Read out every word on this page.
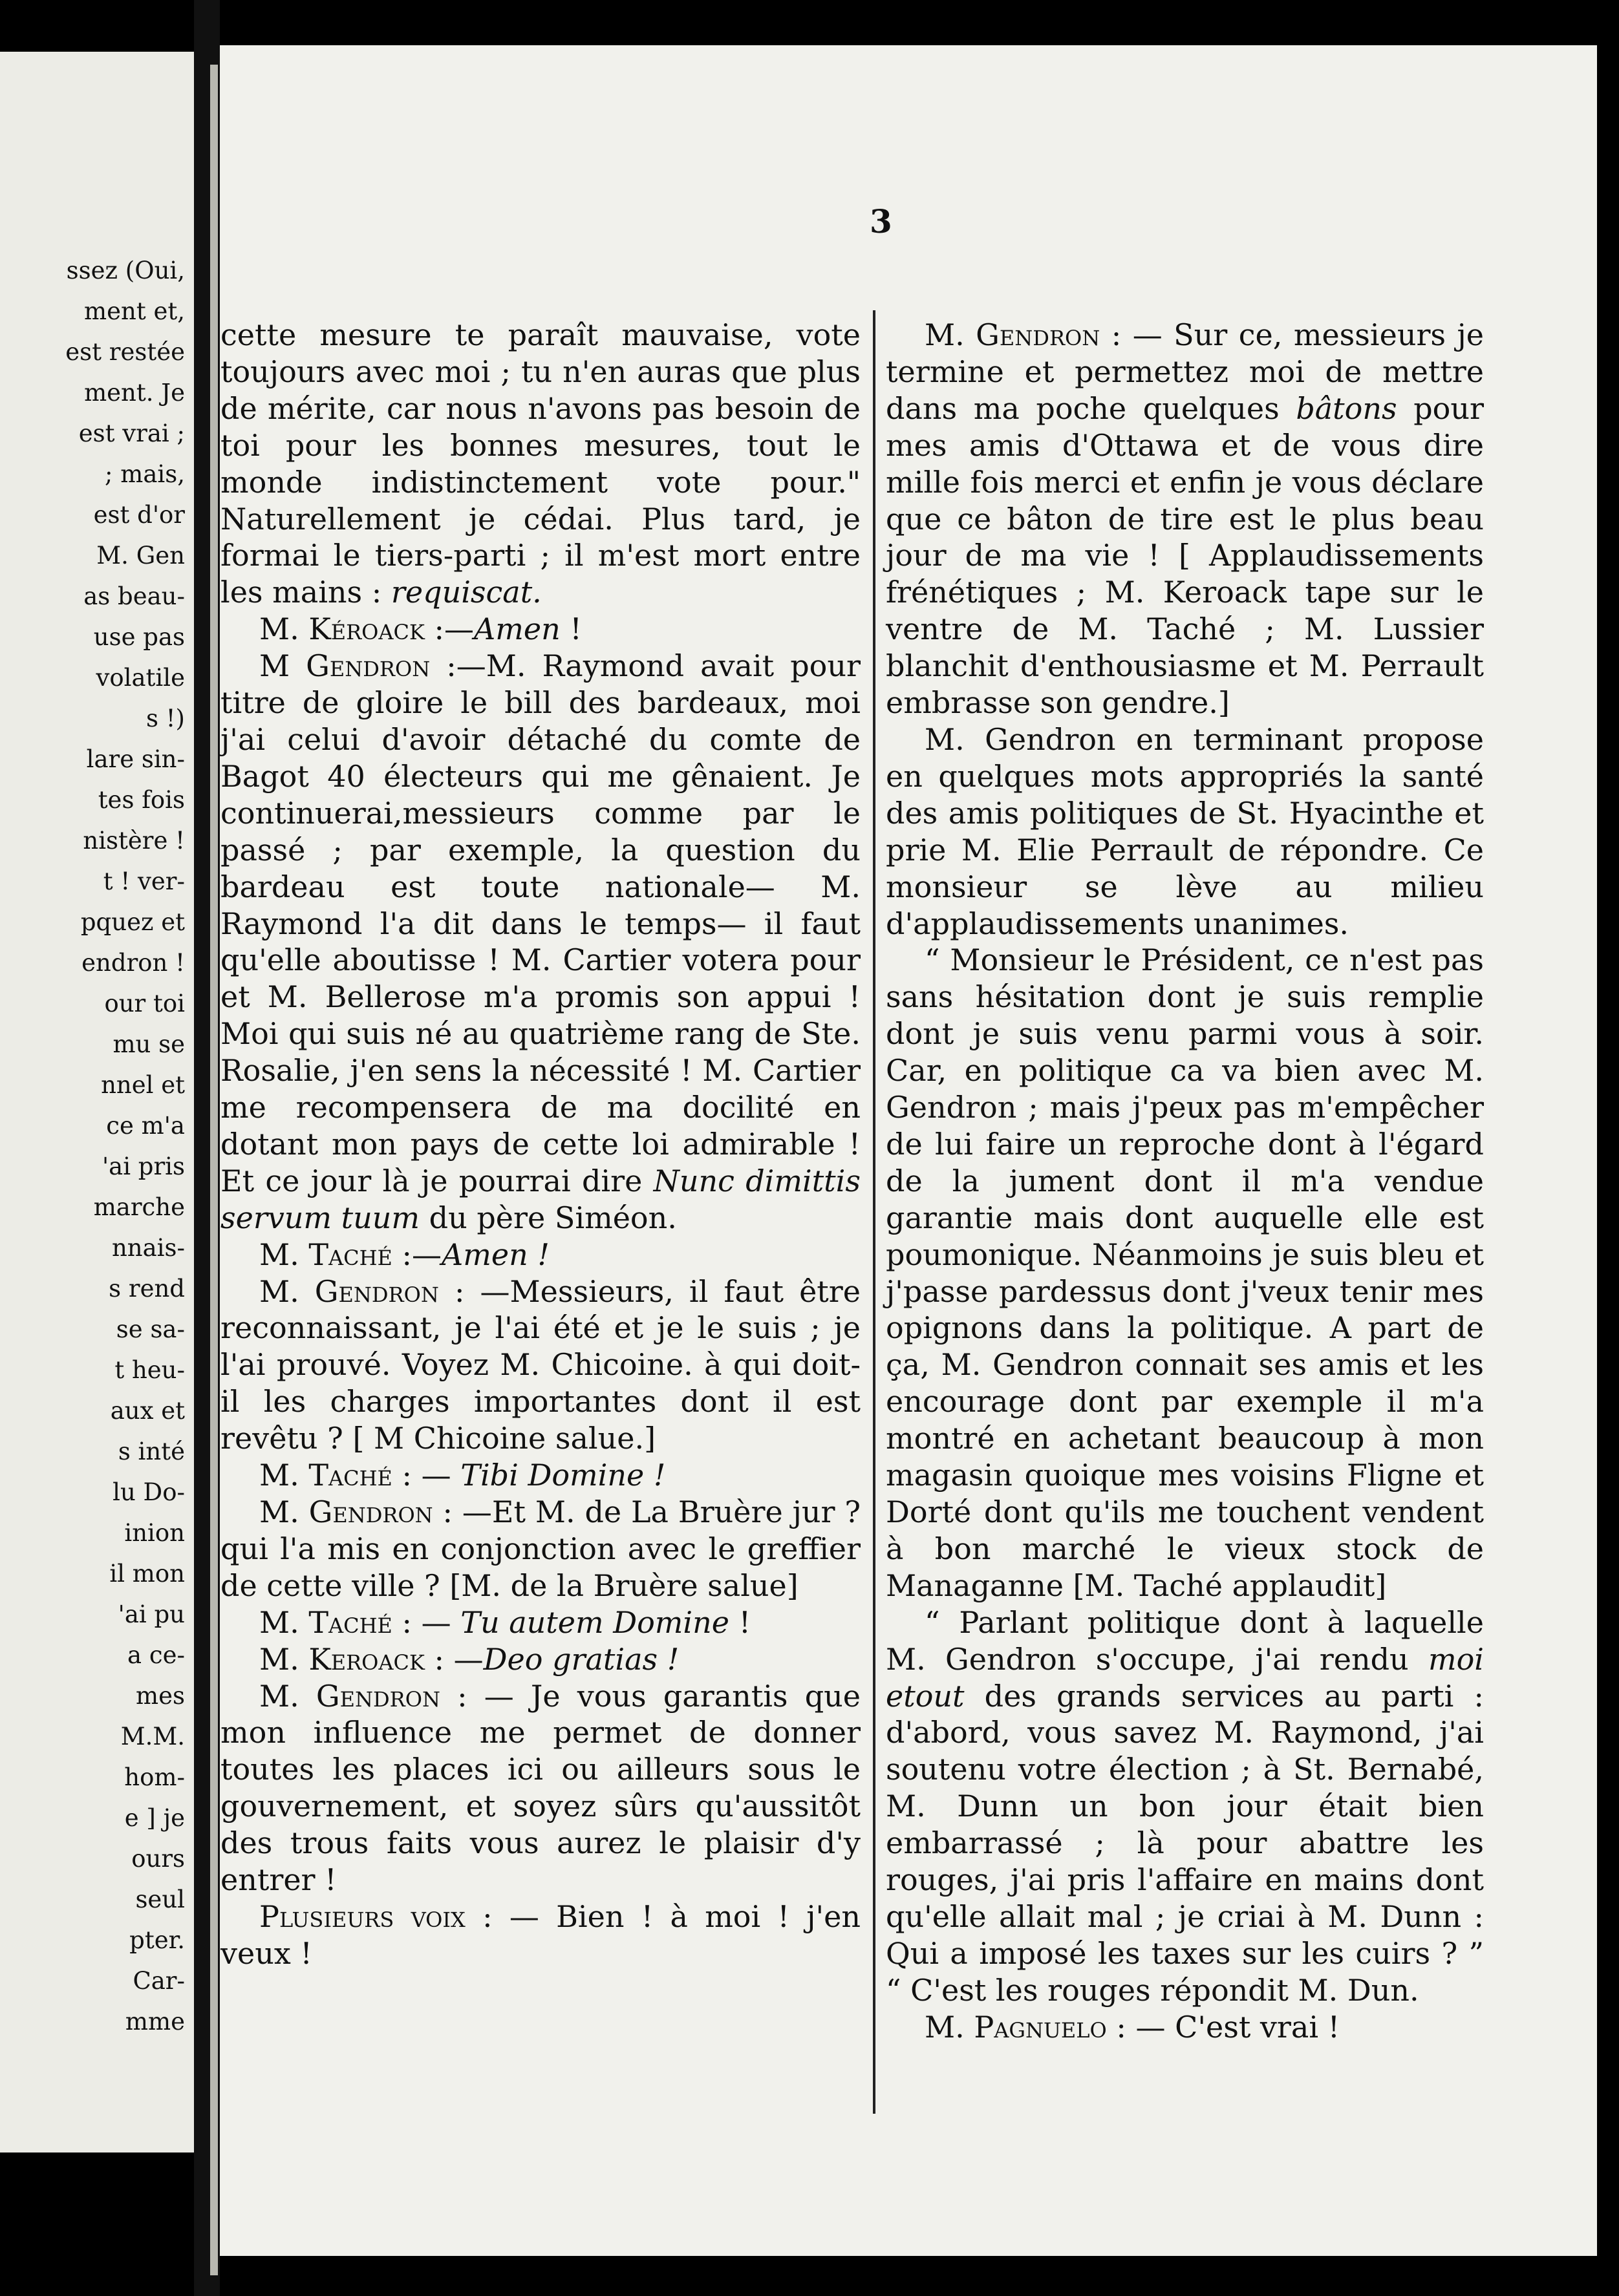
ssez (Oui,
ment et,
est restée
ment. Je
est vrai ;
; mais,
est d'or
M. Gen
as beau-
use pas
volatile
s !)
lare sin-
tes fois
nistère !
t ! ver-
pquez et
endron !
our toi
mu se
nnel et
ce m'a
'ai pris
marche
nnais-
s rend
se sa-
t heu-
aux et
s inté
lu Do-
inion
il mon
'ai pu
a ce-
mes
M.M.
hom-
e ] je
ours
seul
pter.
Car-
mme
3

cette mesure te paraît mauvaise, vote toujours avec moi ; tu n'en auras que plus de mérite, car nous n'avons pas besoin de toi pour les bonnes mesures, tout le monde indistinctement vote pour." Naturellement je cédai. Plus tard, je formai le tiers-parti ; il m'est mort entre les mains : requiscat.

M. Kéroack :—Amen !

M Gendron :—M. Raymond avait pour titre de gloire le bill des bardeaux, moi j'ai celui d'avoir détaché du comte de Bagot 40 électeurs qui me gênaient. Je continuerai,messieurs comme par le passé ; par exemple, la question du bardeau est toute nationale— M. Raymond l'a dit dans le temps— il faut qu'elle aboutisse ! M. Cartier votera pour et M. Bellerose m'a promis son appui ! Moi qui suis né au quatrième rang de Ste. Rosalie, j'en sens la nécessité ! M. Cartier me recompensera de ma docilité en dotant mon pays de cette loi admirable ! Et ce jour là je pourrai dire Nunc dimittis servum tuum du père Siméon.

M. Taché :—Amen !

M. Gendron : —Messieurs, il faut être reconnaissant, je l'ai été et je le suis ; je l'ai prouvé. Voyez M. Chicoine. à qui doit-il les charges importantes dont il est revêtu ? [ M Chicoine salue.]

M. Taché : — Tibi Domine !

M. Gendron : —Et M. de La Bruère jur ? qui l'a mis en conjonction avec le greffier de cette ville ? [M. de la Bruère salue]

M. Taché : — Tu autem Domine !

M. Keroack : —Deo gratias !

M. Gendron : — Je vous garantis que mon influence me permet de donner toutes les places ici ou ailleurs sous le gouvernement, et soyez sûrs qu'aussitôt des trous faits vous aurez le plaisir d'y entrer !

Plusieurs voix : — Bien ! à moi ! j'en veux !

M. Gendron : — Sur ce, messieurs je termine et permettez moi de mettre dans ma poche quelques bâtons pour mes amis d'Ottawa et de vous dire mille fois merci et enfin je vous déclare que ce bâton de tire est le plus beau jour de ma vie ! [ Applaudissements frénétiques ; M. Keroack tape sur le ventre de M. Taché ; M. Lussier blanchit d'enthousiasme et M. Perrault embrasse son gendre.]

M. Gendron en terminant propose en quelques mots appropriés la santé des amis politiques de St. Hyacinthe et prie M. Elie Perrault de répondre. Ce monsieur se lève au milieu d'applaudissements unanimes.

“ Monsieur le Président, ce n'est pas sans hésitation dont je suis remplie dont je suis venu parmi vous à soir. Car, en politique ca va bien avec M. Gendron ; mais j'peux pas m'empêcher de lui faire un reproche dont à l'égard de la jument dont il m'a vendue garantie mais dont auquelle elle est poumonique. Néanmoins je suis bleu et j'passe pardessus dont j'veux tenir mes opignons dans la politique. A part de ça, M. Gendron connait ses amis et les encourage dont par exemple il m'a montré en achetant beaucoup à mon magasin quoique mes voisins Fligne et Dorté dont qu'ils me touchent vendent à bon marché le vieux stock de Managanne [M. Taché applaudit]

“ Parlant politique dont à laquelle M. Gendron s'occupe, j'ai rendu moi etout des grands services au parti : d'abord, vous savez M. Raymond, j'ai soutenu votre élection ; à St. Bernabé, M. Dunn un bon jour était bien embarrassé ; là pour abattre les rouges, j'ai pris l'affaire en mains dont qu'elle allait mal ; je criai à M. Dunn : Qui a imposé les taxes sur les cuirs ? ” “ C'est les rouges répondit M. Dun.

M. Pagnuelo : — C'est vrai !
